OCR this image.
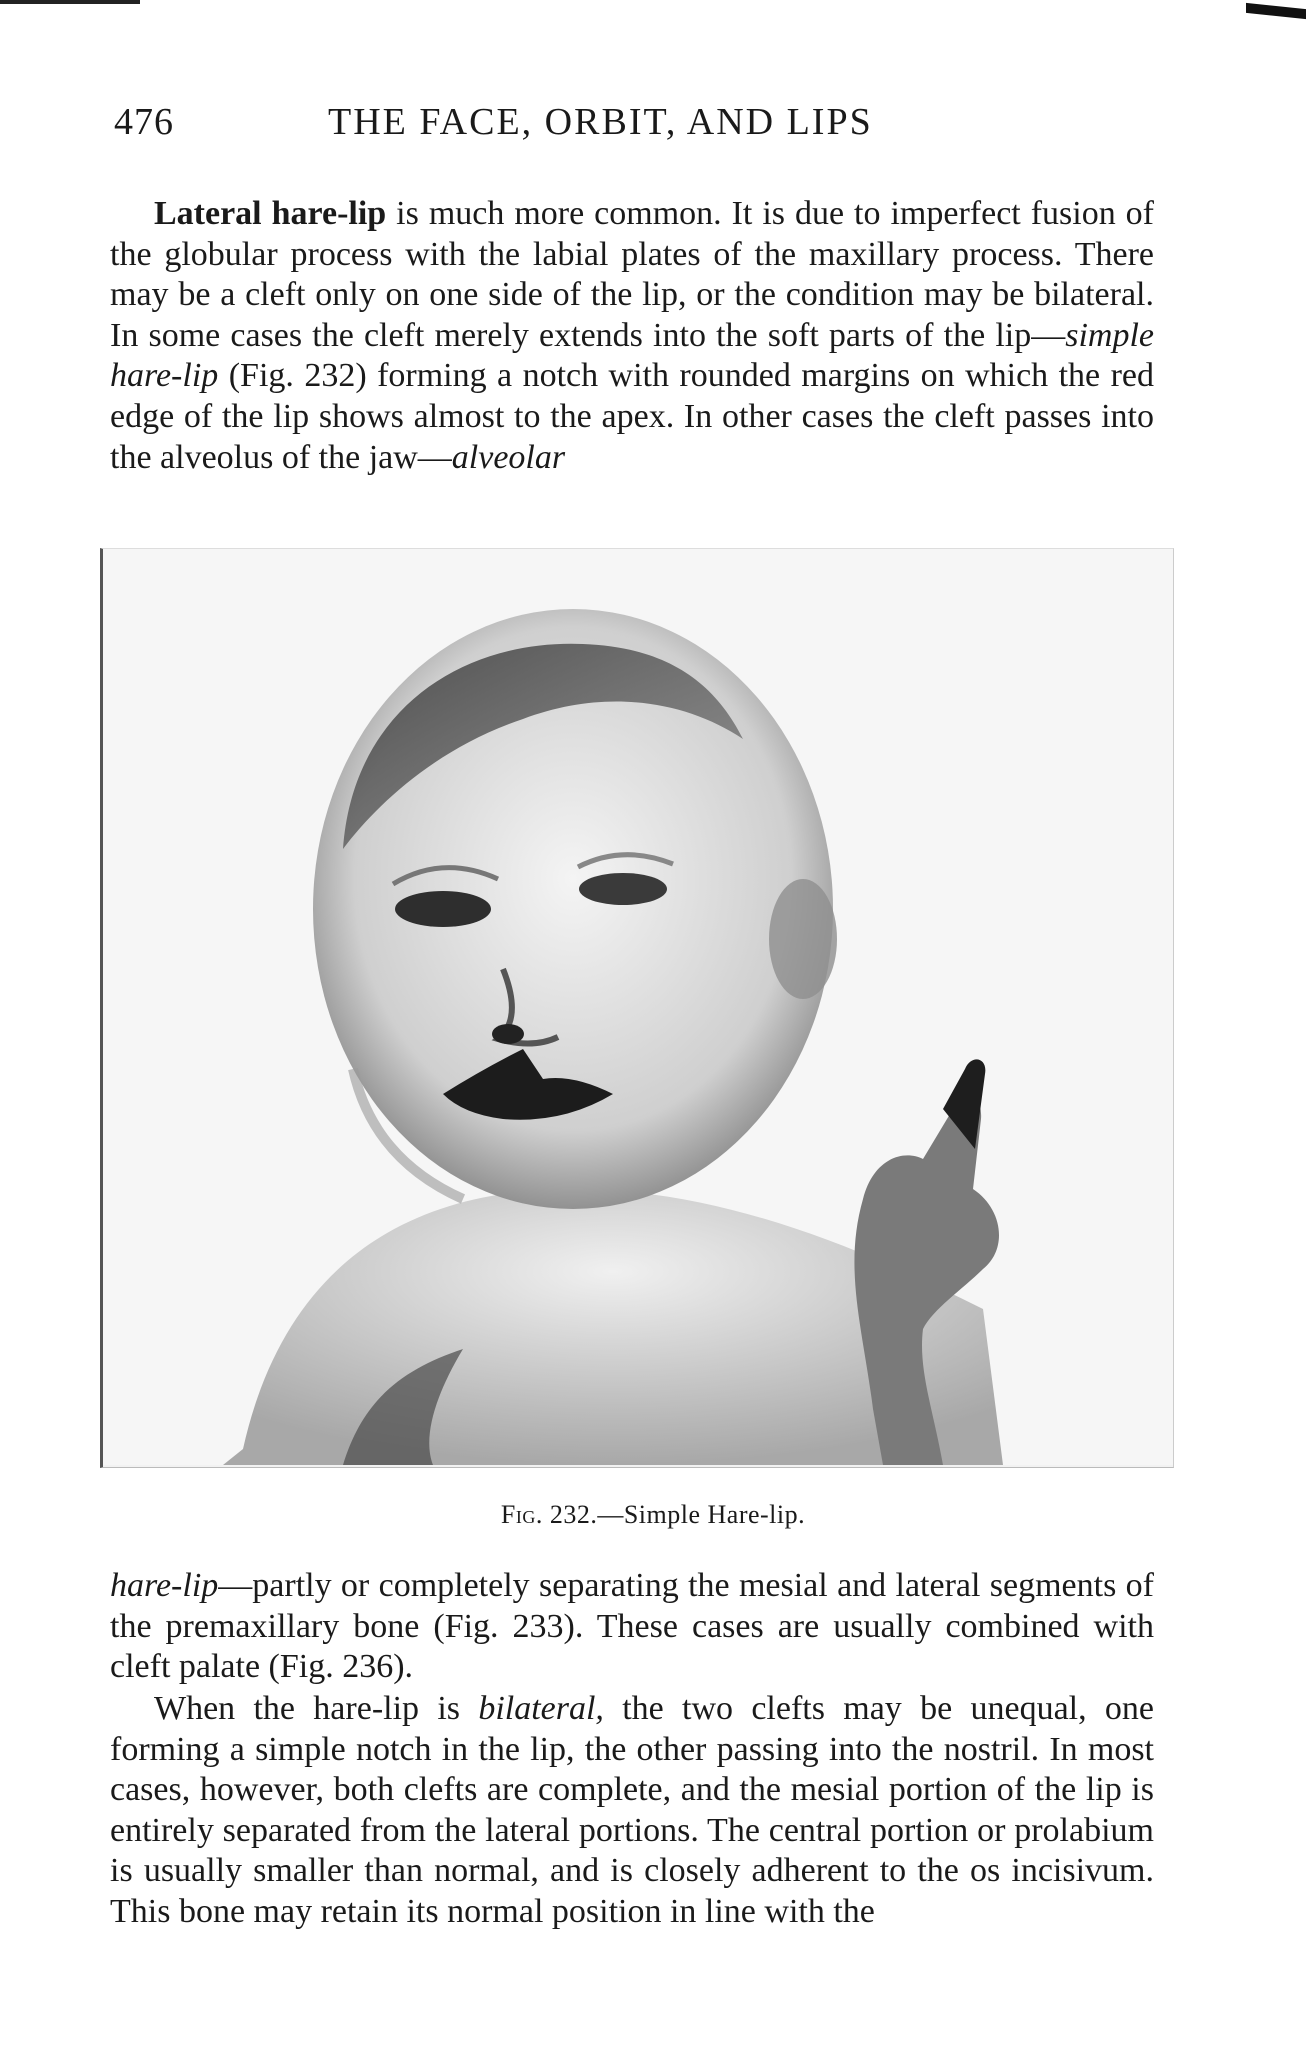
476	THE FACE, ORBIT, AND LIPS
Lateral hare-lip is much more common. It is due to imperfect fusion of the globular process with the labial plates of the maxillary process. There may be a cleft only on one side of the lip, or the condition may be bilateral. In some cases the cleft merely extends into the soft parts of the lip—simple hare-lip (Fig. 232) forming a notch with rounded margins on which the red edge of the lip shows almost to the apex. In other cases the cleft passes into the alveolus of the jaw—alveolar
Fig. 232.—Simple Hare-lip.
hare-lip—partly or completely separating the mesial and lateral segments of the premaxillary bone (Fig. 233). These cases are usually combined with cleft palate (Fig. 236).
When the hare-lip is bilateral, the two clefts may be unequal, one forming a simple notch in the lip, the other passing into the nostril. In most cases, however, both clefts are complete, and the mesial portion of the lip is entirely separated from the lateral portions. The central portion or prolabium is usually smaller than normal, and is closely adherent to the os incisivum. This bone may retain its normal position in line with the
